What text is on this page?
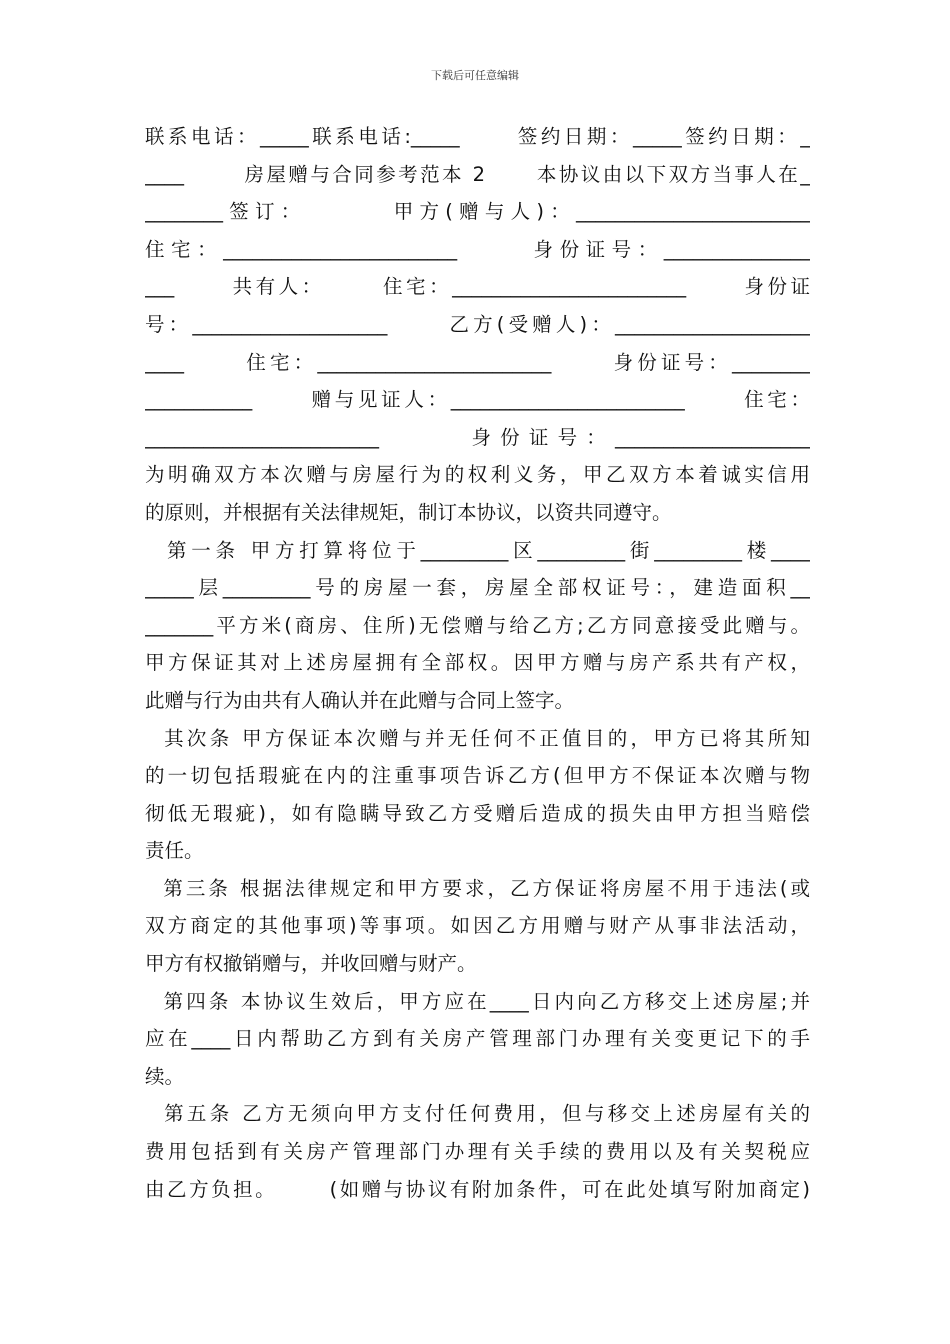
下载后可任意编辑
联系电话：_____联系电话:_____      签约日期：_____签约日期：_
____       房屋赠与合同参考范本 2      本协议由以下双方当事人在_
________签订：       甲方(赠与人)：________________________
住宅：________________________      身份证号：_______________
___      共有人：      住宅：________________________      身份证
号：____________________      乙方(受赠人)：____________________
____      住宅：________________________      身份证号：________
___________      赠与见证人：________________________      住宅：
________________________      身份证号：____________________
为明确双方本次赠与房屋行为的权利义务，甲乙双方本着诚实信用
的原则，并根据有关法律规矩，制订本协议，以资共同遵守。
第一条 甲方打算将位于_________区_________街_________楼____
_____层_________号的房屋一套，房屋全部权证号：，建造面积__
_______平方米(商房、住所)无偿赠与给乙方;乙方同意接受此赠与。
甲方保证其对上述房屋拥有全部权。因甲方赠与房产系共有产权，
此赠与行为由共有人确认并在此赠与合同上签字。
其次条 甲方保证本次赠与并无任何不正值目的，甲方已将其所知
的一切包括瑕疵在内的注重事项告诉乙方(但甲方不保证本次赠与物
彻低无瑕疵)，如有隐瞒导致乙方受赠后造成的损失由甲方担当赔偿
责任。
第三条 根据法律规定和甲方要求，乙方保证将房屋不用于违法(或
双方商定的其他事项)等事项。如因乙方用赠与财产从事非法活动，
甲方有权撤销赠与，并收回赠与财产。
第四条 本协议生效后，甲方应在____日内向乙方移交上述房屋;并
应在____日内帮助乙方到有关房产管理部门办理有关变更记下的手
续。
第五条 乙方无须向甲方支付任何费用，但与移交上述房屋有关的
费用包括到有关房产管理部门办理有关手续的费用以及有关契税应
由乙方负担。      (如赠与协议有附加条件，可在此处填写附加商定)
